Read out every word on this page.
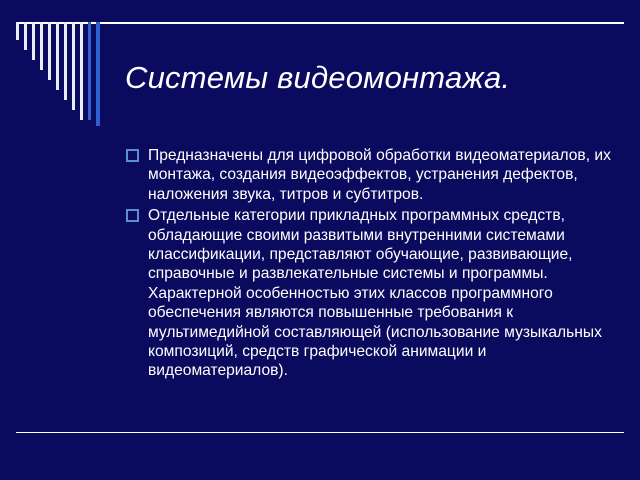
Системы видеомонтажа.
Предназначены для цифровой обработки видеоматериалов, их монтажа, создания видеоэффектов, устранения дефектов, наложения звука, титров и субтитров.
Отдельные категории прикладных программных средств, обладающие своими развитыми внутренними системами классификации, представляют обучающие, развивающие, справочные и развлекательные системы и программы. Характерной особенностью этих классов программного обеспечения являются повышенные требования к мультимедийной составляющей (использование музыкальных композиций, средств графической анимации и видеоматериалов).
